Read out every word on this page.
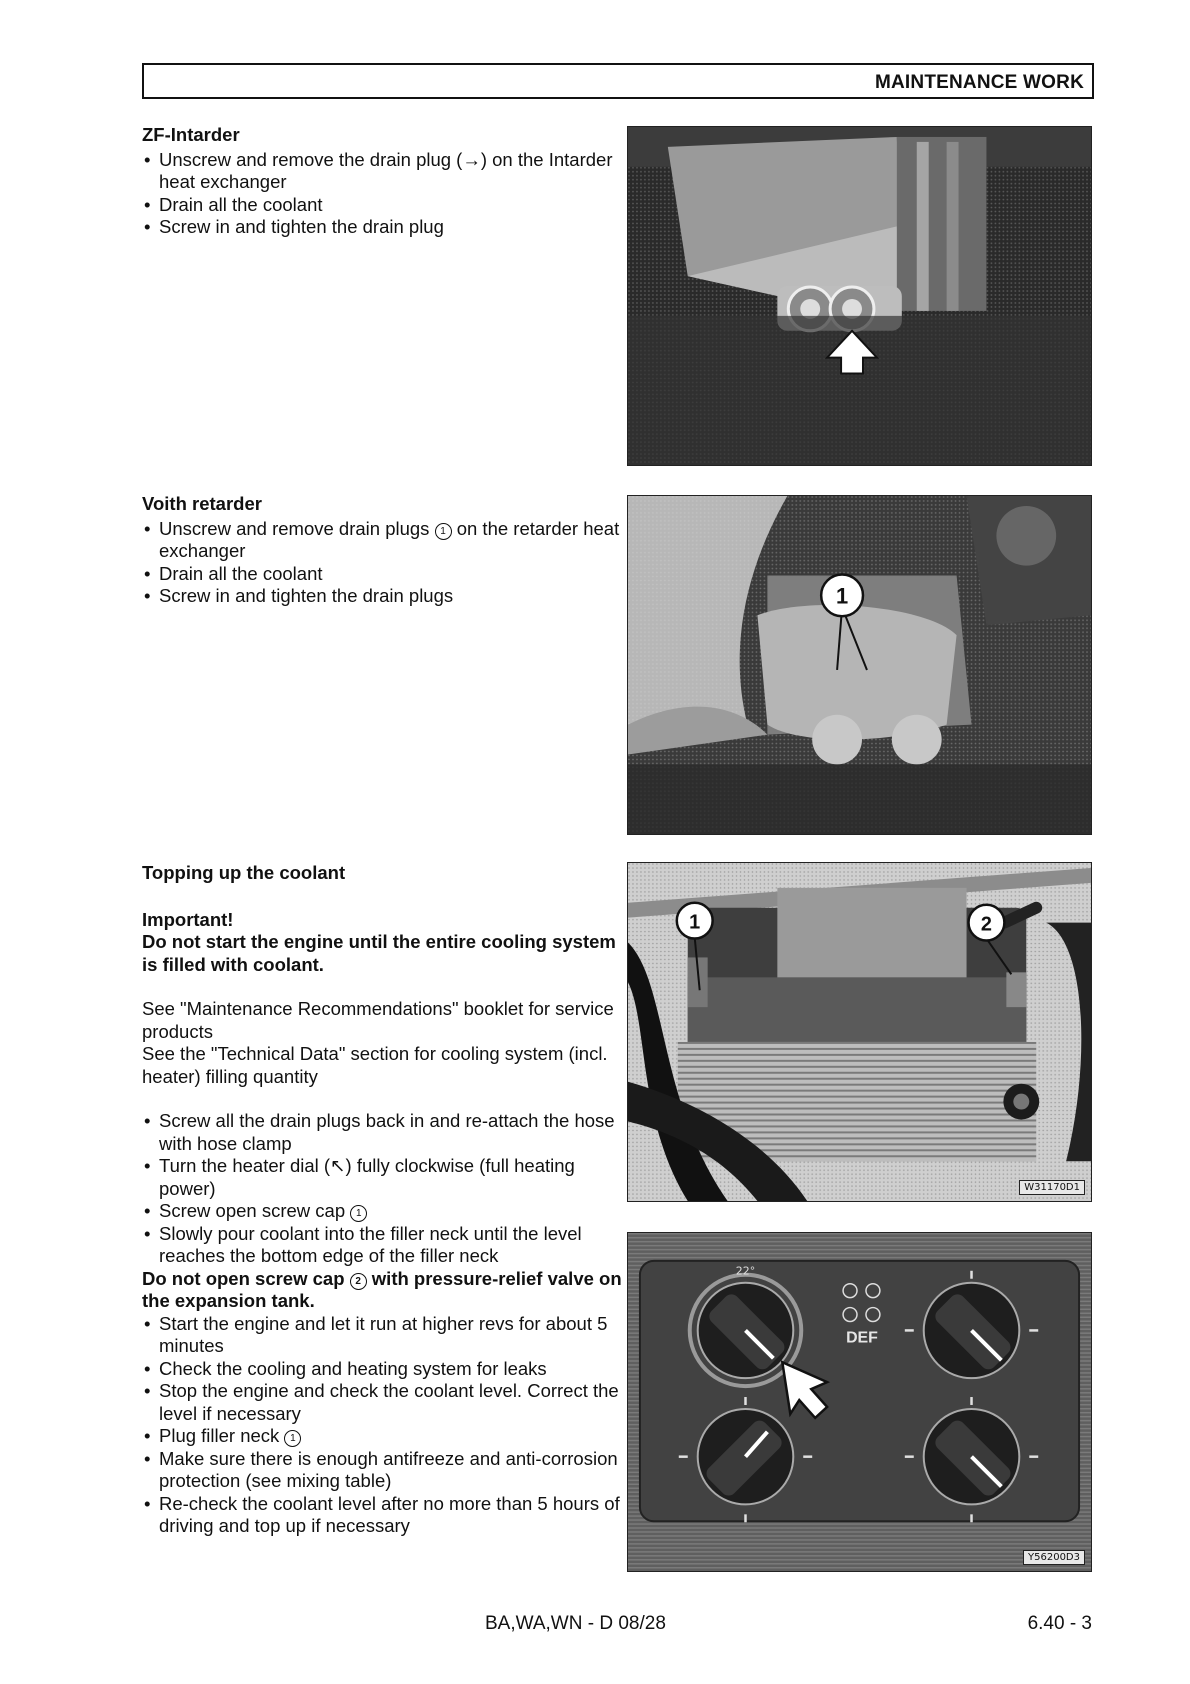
MAINTENANCE WORK
ZF-Intarder
• Unscrew and remove the drain plug (→) on the Intarder heat exchanger
• Drain all the coolant
• Screw in and tighten the drain plug
Voith retarder
• Unscrew and remove drain plugs 1 on the retarder heat exchanger
• Drain all the coolant
• Screw in and tighten the drain plugs	1
Topping up the coolant

Important!

Do not start the engine until the entire cooling system is filled with coolant.

See "Maintenance Recommendations" booklet for service products

See the "Technical Data" section for cooling system (incl. heater) filling quantity

• Screw all the drain plugs back in and re-attach the hose with hose clamp
• Turn the heater dial (↖) fully clockwise (full heating power)
• Screw open screw cap 1
• Slowly pour coolant into the filler neck until the level reaches the bottom edge of the filler neck

Do not open screw cap 2 with pressure-relief valve on the expansion tank.

• Start the engine and let it run at higher revs for about 5 minutes
• Check the cooling and heating system for leaks
• Stop the engine and check the coolant level. Correct the level if necessary
• Plug filler neck 1
• Make sure there is enough antifreeze and anti-corrosion protection (see mixing table)
• Re-check the coolant level after no more than 5 hours of driving and top up if necessary
1	2
W31170D1
22°
DEF
Y56200D3
BA,WA,WN - D 08/28	6.40 - 3
